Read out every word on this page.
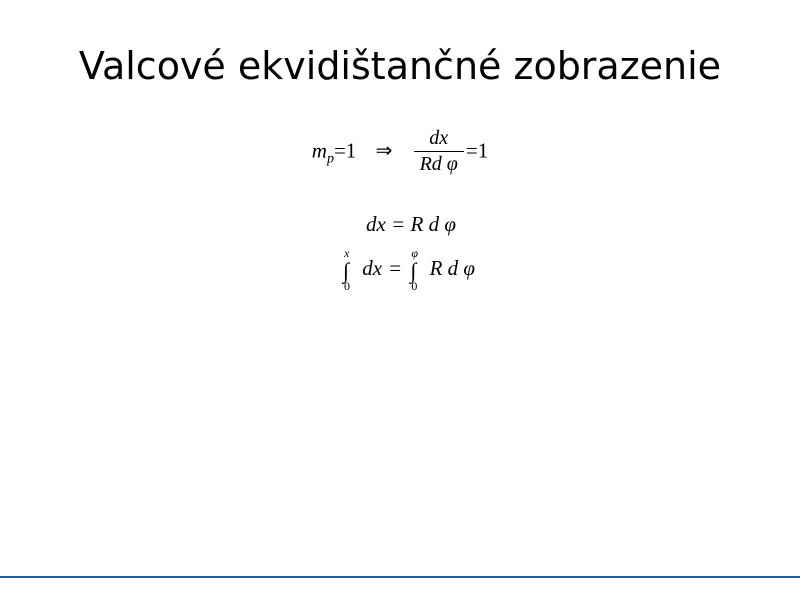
Valcové ekvidištančné zobrazenie
$m_p=1$ ⇒ $\frac{dx}{\text{Rd φ}} =1$
dx = R d φ
x
∫
0
dx =
φ
∫
0
R d φ
